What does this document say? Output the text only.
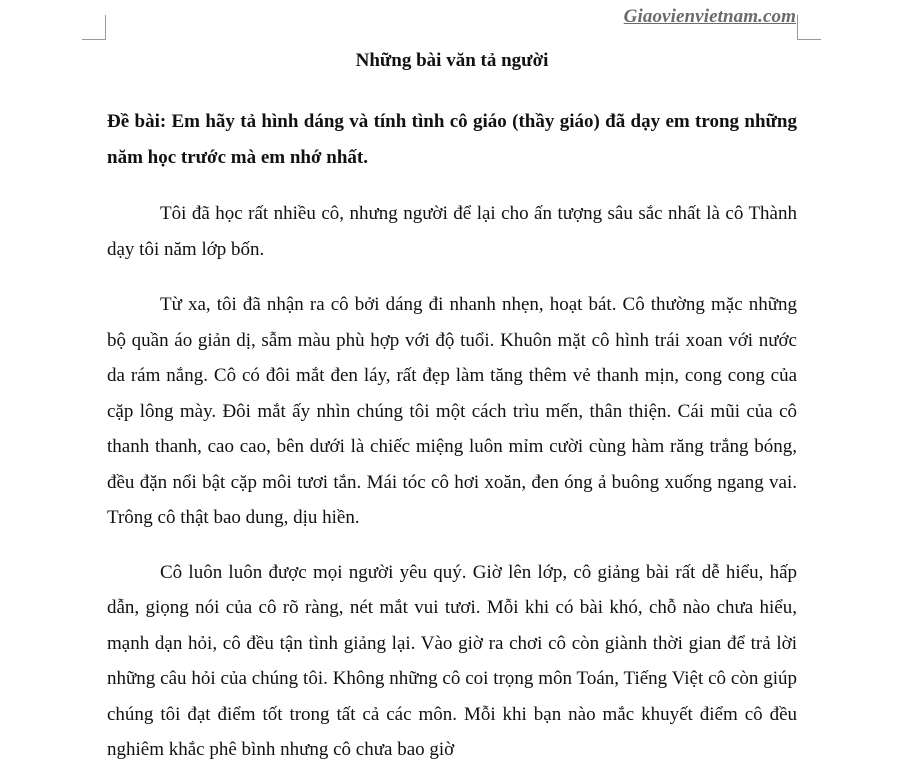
Giaovienvietnam.com
Những bài văn tả người

Đề bài: Em hãy tả hình dáng và tính tình cô giáo (thầy giáo) đã dạy em trong những năm học trước mà em nhớ nhất.

Tôi đã học rất nhiều cô, nhưng người để lại cho ấn tượng sâu sắc nhất là cô Thành dạy tôi năm lớp bốn.

Từ xa, tôi đã nhận ra cô bởi dáng đi nhanh nhẹn, hoạt bát. Cô thường mặc những bộ quần áo giản dị, sẫm màu phù hợp với độ tuổi. Khuôn mặt cô hình trái xoan với nước da rám nắng. Cô có đôi mắt đen láy, rất đẹp làm tăng thêm vẻ thanh mịn, cong cong của cặp lông mày. Đôi mắt ấy nhìn chúng tôi một cách trìu mến, thân thiện. Cái mũi của cô thanh thanh, cao cao, bên dưới là chiếc miệng luôn mỉm cười cùng hàm răng trắng bóng, đều đặn nổi bật cặp môi tươi tắn. Mái tóc cô hơi xoăn, đen óng ả buông xuống ngang vai. Trông cô thật bao dung, dịu hiền.

Cô luôn luôn được mọi người yêu quý. Giờ lên lớp, cô giảng bài rất dễ hiểu, hấp dẫn, giọng nói của cô rõ ràng, nét mắt vui tươi. Mỗi khi có bài khó, chỗ nào chưa hiểu, mạnh dạn hỏi, cô đều tận tình giảng lại. Vào giờ ra chơi cô còn giành thời gian để trả lời những câu hỏi của chúng tôi. Không những cô coi trọng môn Toán, Tiếng Việt cô còn giúp chúng tôi đạt điểm tốt trong tất cả các môn. Mỗi khi bạn nào mắc khuyết điểm cô đều nghiêm khắc phê bình nhưng cô chưa bao giờ
